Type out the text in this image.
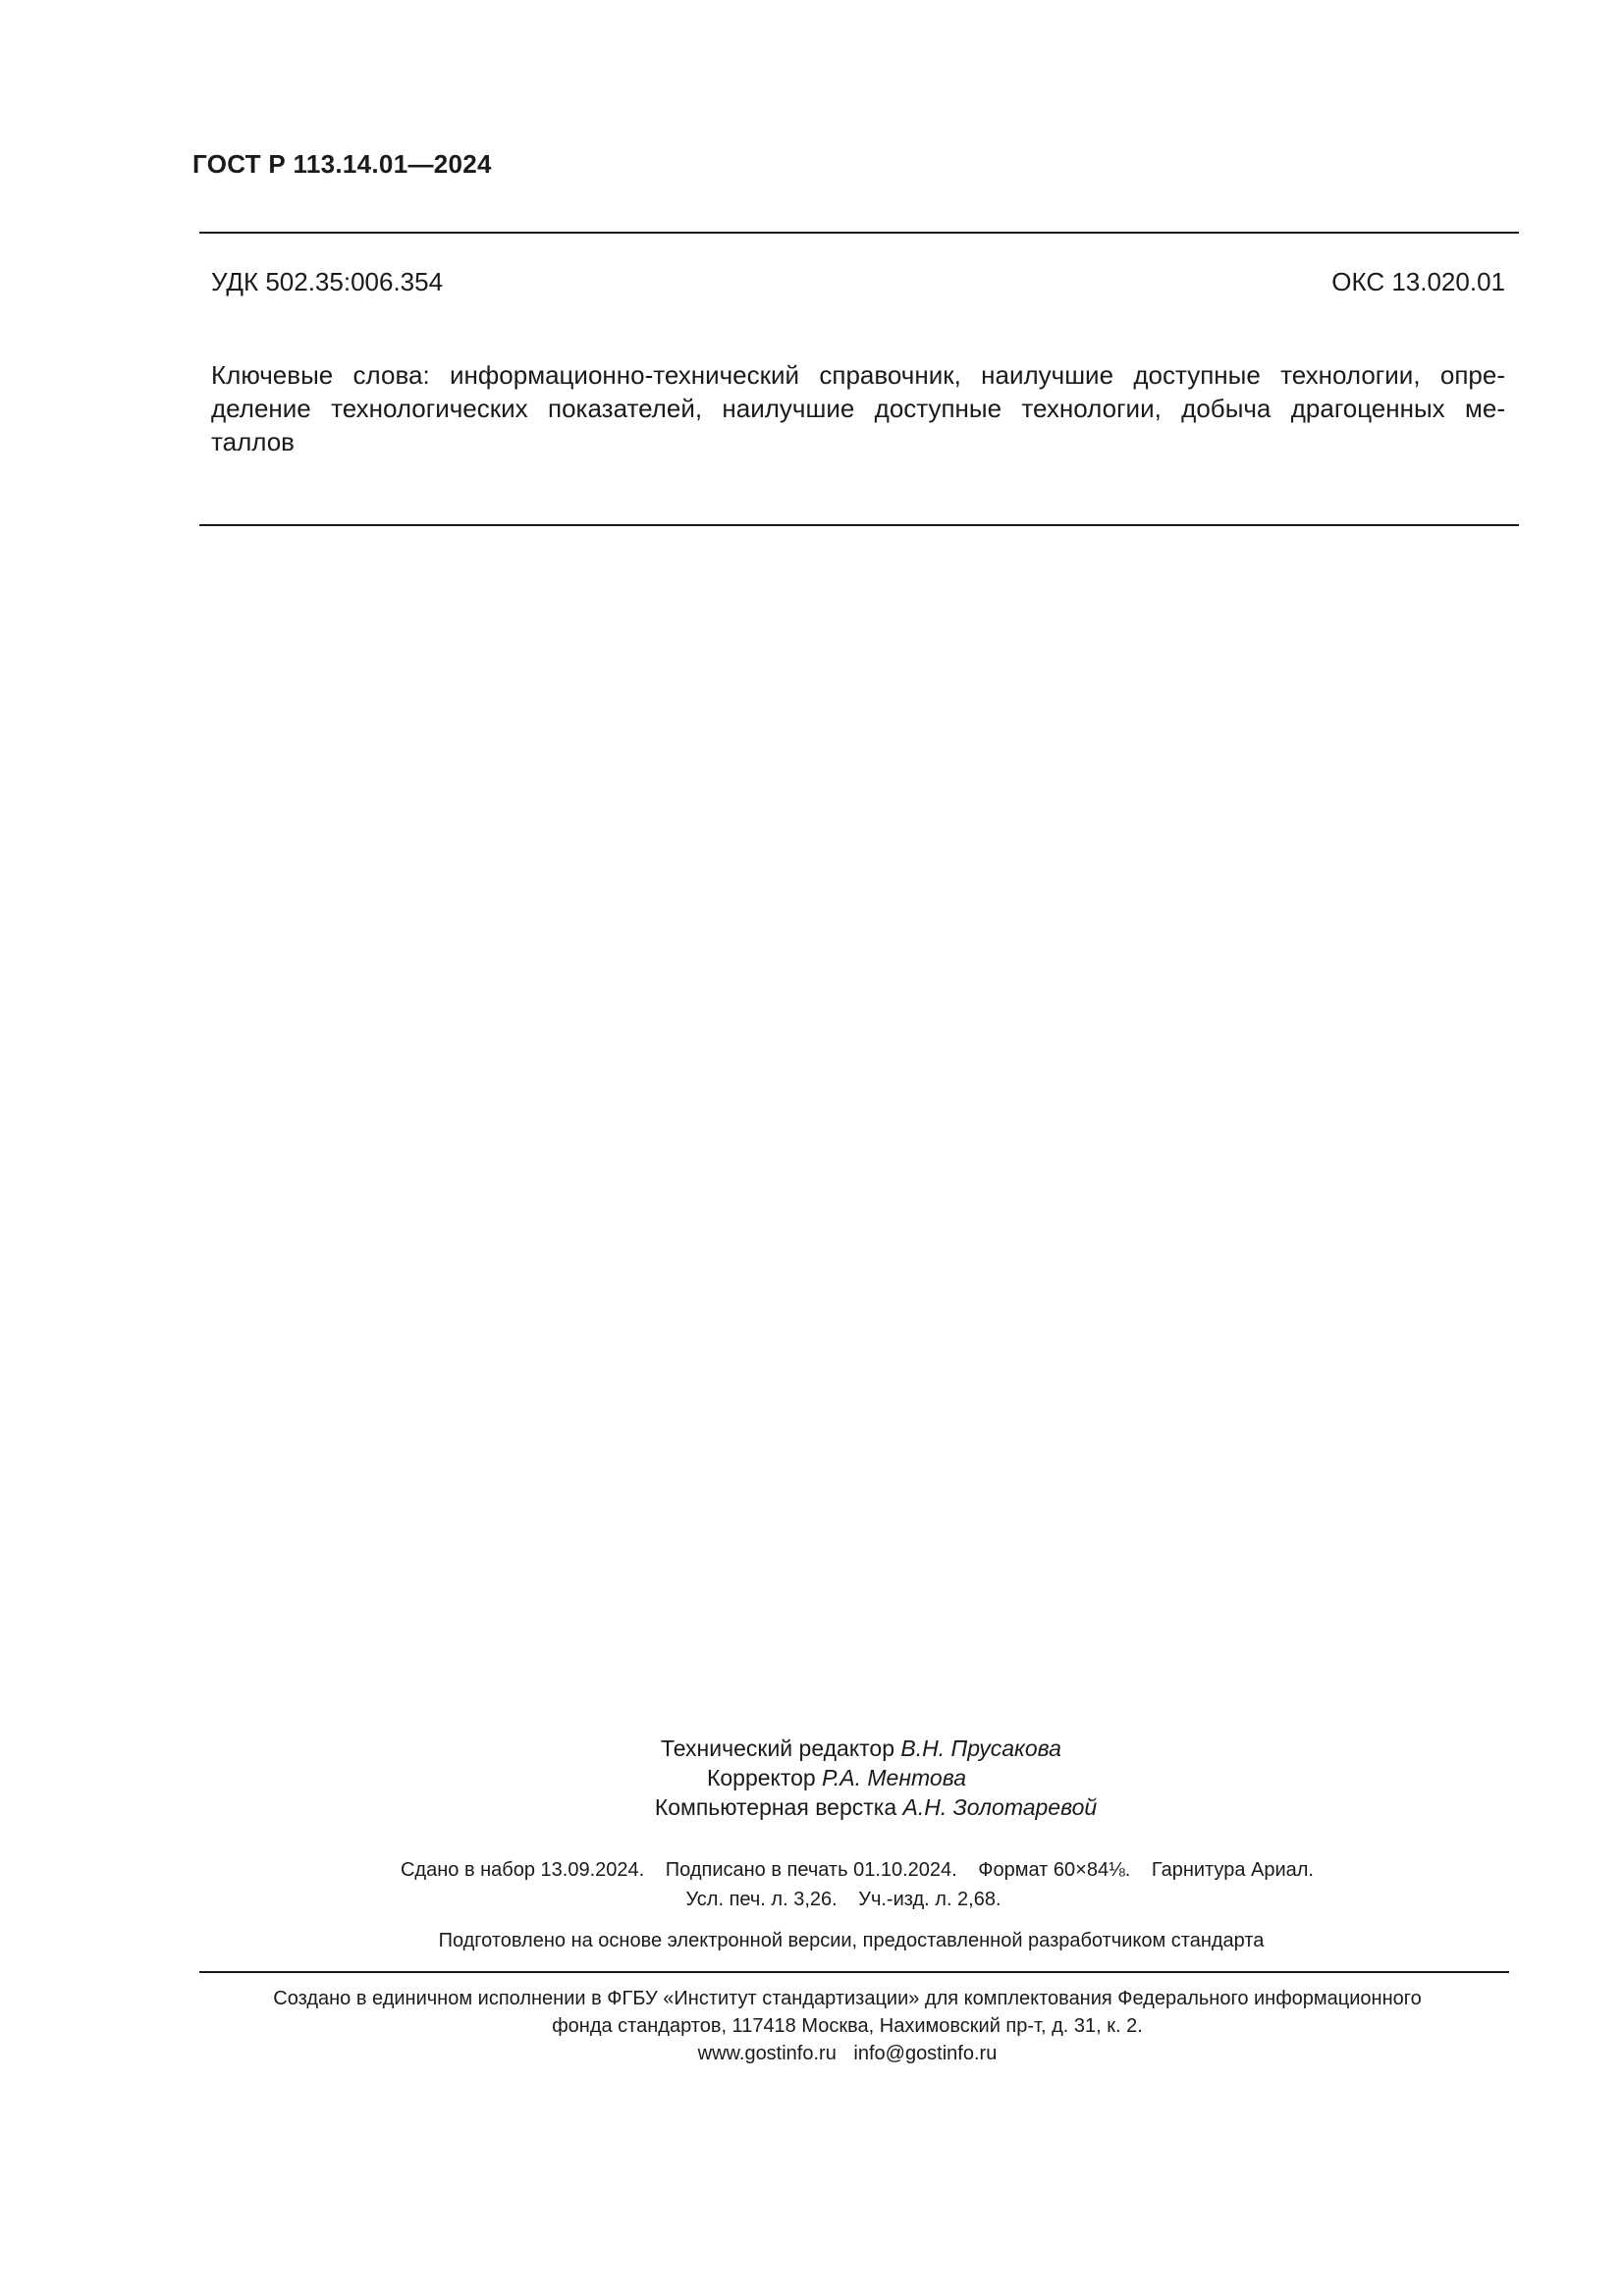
ГОСТ Р 113.14.01—2024
УДК 502.35:006.354	ОКС 13.020.01
Ключевые слова: информационно-технический справочник, наилучшие доступные технологии, опре-
деление технологических показателей, наилучшие доступные технологии, добыча драгоценных ме-
таллов
Технический редактор В.Н. Прусакова
Корректор Р.А. Ментова
Компьютерная верстка А.Н. Золотаревой
Сдано в набор 13.09.2024. Подписано в печать 01.10.2024. Формат 60×84⅛. Гарнитура Ариал.
Усл. печ. л. 3,26. Уч.-изд. л. 2,68.
Подготовлено на основе электронной версии, предоставленной разработчиком стандарта
Создано в единичном исполнении в ФГБУ «Институт стандартизации» для комплектования Федерального информационного
фонда стандартов, 117418 Москва, Нахимовский пр-т, д. 31, к. 2.
www.gostinfo.ru info@gostinfo.ru
